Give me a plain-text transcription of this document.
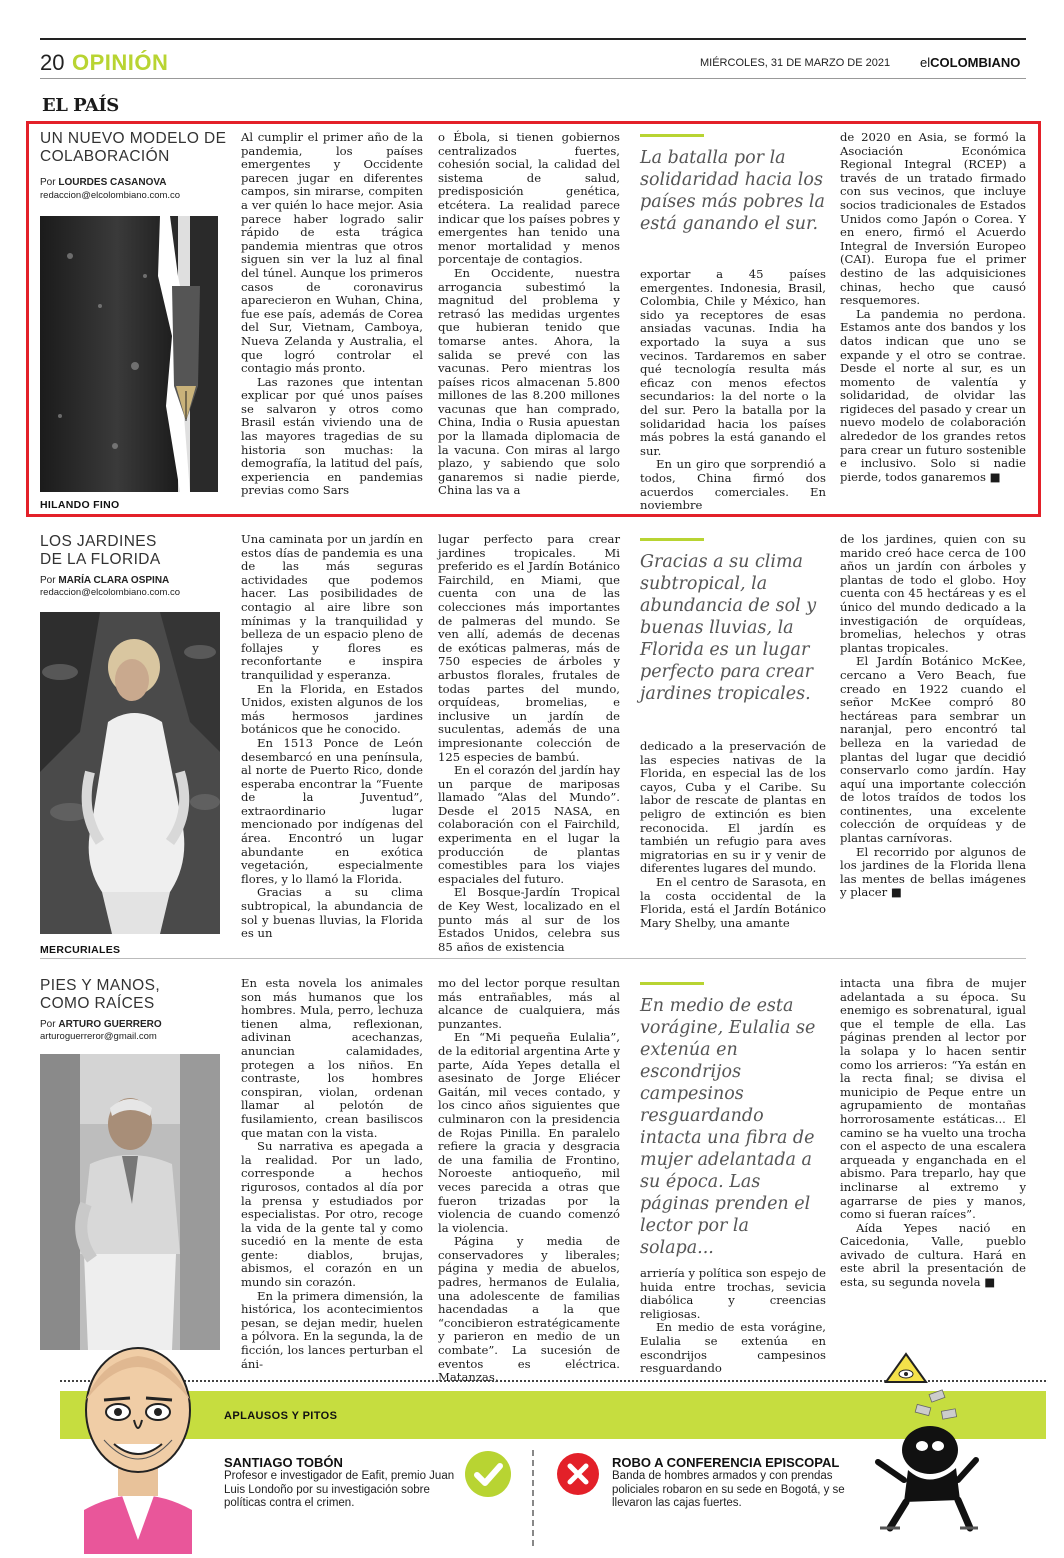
20 OPINIÓN	MIÉRCOLES, 31 DE MARZO DE 2021 elCOLOMBIANO
EL PAÍS
UN NUEVO MODELO DE
COLABORACIÓN
Por LOURDES CASANOVA
redaccion@elcolombiano.com.co
HILANDO FINO

Al cumplir el primer año de la pandemia, los países emergentes y Occidente parecen jugar en diferentes campos, sin mirarse, compiten a ver quién lo hace mejor. Asia parece haber logrado salir rápido de esta trágica pandemia mientras que otros siguen sin ver la luz al final del túnel. Aunque los primeros casos de coronavirus aparecieron en Wuhan, China, fue ese país, además de Corea del Sur, Vietnam, Camboya, Nueva Zelanda y Australia, el que logró controlar el contagio más pronto.

Las razones que intentan explicar por qué unos países se salvaron y otros como Brasil están viviendo una de las mayores tragedias de su historia son muchas: la demografía, la latitud del país, experiencia en pandemias previas como Sars

o Ébola, si tienen gobiernos centralizados fuertes, cohesión social, la calidad del sistema de salud, predisposición genética, etcétera. La realidad parece indicar que los países pobres y emergentes han tenido una menor mortalidad y menos porcentaje de contagios.

En Occidente, nuestra arrogancia subestimó la magnitud del problema y retrasó las medidas urgentes que hubieran tenido que tomarse antes. Ahora, la salida se prevé con las vacunas. Pero mientras los países ricos almacenan 5.800 millones de las 8.200 millones vacunas que han comprado, China, India o Rusia apuestan por la llamada diplomacia de la vacuna. Con miras al largo plazo, y sabiendo que solo ganaremos si nadie pierde, China las va a

La batalla por la solidaridad hacia los países más pobres la está ganando el sur.

exportar a 45 países emergentes. Indonesia, Brasil, Colombia, Chile y México, han sido ya receptores de esas ansiadas vacunas. India ha exportado la suya a sus vecinos. Tardaremos en saber qué tecnología resulta más eficaz con menos efectos secundarios: la del norte o la del sur. Pero la batalla por la solidaridad hacia los países más pobres la está ganando el sur.

En un giro que sorprendió a todos, China firmó dos acuerdos comerciales. En noviembre

de 2020 en Asia, se formó la Asociación Económica Regional Integral (RCEP) a través de un tratado firmado con sus vecinos, que incluye socios tradicionales de Estados Unidos como Japón o Corea. Y en enero, firmó el Acuerdo Integral de Inversión Europeo (CAI). Europa fue el primer destino de las adquisiciones chinas, hecho que causó resquemores.

La pandemia no perdona. Estamos ante dos bandos y los datos indican que uno se expande y el otro se contrae. Desde el norte al sur, es un momento de valentía y solidaridad, de olvidar las rigideces del pasado y crear un nuevo modelo de colaboración alrededor de los grandes retos para crear un futuro sostenible e inclusivo. Solo si nadie pierde, todos ganaremos ■

LOS JARDINES
DE LA FLORIDA
Por MARÍA CLARA OSPINA
redaccion@elcolombiano.com.co
MERCURIALES

Una caminata por un jardín en estos días de pandemia es una de las más seguras actividades que podemos hacer. Las posibilidades de contagio al aire libre son mínimas y la tranquilidad y belleza de un espacio pleno de follajes y flores es reconfortante e inspira tranquilidad y esperanza.

En la Florida, en Estados Unidos, existen algunos de los más hermosos jardines botánicos que he conocido.

En 1513 Ponce de León desembarcó en una península, al norte de Puerto Rico, donde esperaba encontrar la “Fuente de la Juventud”, extraordinario lugar mencionado por indígenas del área. Encontró un lugar abundante en exótica vegetación, especialmente flores, y lo llamó la Florida.

Gracias a su clima subtropical, la abundancia de sol y buenas lluvias, la Florida es un

lugar perfecto para crear jardines tropicales. Mi preferido es el Jardín Botánico Fairchild, en Miami, que cuenta con una de las colecciones más importantes de palmeras del mundo. Se ven allí, además de decenas de exóticas palmeras, más de 750 especies de árboles y arbustos florales, frutales de todas partes del mundo, orquídeas, bromelias, e inclusive un jardín de suculentas, además de una impresionante colección de 125 especies de bambú.

En el corazón del jardín hay un parque de mariposas llamado “Alas del Mundo”. Desde el 2015 NASA, en colaboración con el Fairchild, experimenta en el lugar la producción de plantas comestibles para los viajes espaciales del futuro.

El Bosque-Jardín Tropical de Key West, localizado en el punto más al sur de los Estados Unidos, celebra sus 85 años de existencia

Gracias a su clima subtropical, la abundancia de sol y buenas lluvias, la Florida es un lugar perfecto para crear jardines tropicales.

dedicado a la preservación de las especies nativas de la Florida, en especial las de los cayos, Cuba y el Caribe. Su labor de rescate de plantas en peligro de extinción es bien reconocida. El jardín es también un refugio para aves migratorias en su ir y venir de diferentes lugares del mundo.

En el centro de Sarasota, en la costa occidental de la Florida, está el Jardín Botánico Mary Shelby, una amante

de los jardines, quien con su marido creó hace cerca de 100 años un jardín con árboles y plantas de todo el globo. Hoy cuenta con 45 hectáreas y es el único del mundo dedicado a la investigación de orquídeas, bromelias, helechos y otras plantas tropicales.

El Jardín Botánico McKee, cercano a Vero Beach, fue creado en 1922 cuando el señor McKee compró 80 hectáreas para sembrar un naranjal, pero encontró tal belleza en la variedad de plantas del lugar que decidió conservarlo como jardín. Hay aquí una importante colección de lotos traídos de todos los continentes, una excelente colección de orquídeas y de plantas carnívoras.

El recorrido por algunos de los jardines de la Florida llena las mentes de bellas imágenes y placer ■

PIES Y MANOS,
COMO RAÍCES
Por ARTURO GUERRERO
arturoguerreror@gmail.com

En esta novela los animales son más humanos que los hombres. Mula, perro, lechuza tienen alma, reflexionan, adivinan acechanzas, anuncian calamidades, protegen a los niños. En contraste, los hombres conspiran, violan, ordenan llamar al pelotón de fusilamiento, crean basiliscos que matan con la vista.

Su narrativa es apegada a la realidad. Por un lado, corresponde a hechos rigurosos, contados al día por la prensa y estudiados por especialistas. Por otro, recoge la vida de la gente tal y como sucedió en la mente de esta gente: diablos, brujas, abismos, el corazón en un mundo sin corazón.

En la primera dimensión, la histórica, los acontecimientos pesan, se dejan medir, huelen a pólvora. En la segunda, la de ficción, los lances perturban el áni-

mo del lector porque resultan más entrañables, más al alcance de cualquiera, más punzantes.

En “Mi pequeña Eulalia”, de la editorial argentina Arte y parte, Aída Yepes detalla el asesinato de Jorge Eliécer Gaitán, mil veces contado, y los cinco años siguientes que culminaron con la presidencia de Rojas Pinilla. En paralelo refiere la gracia y desgracia de una familia de Frontino, Noroeste antioqueño, mil veces parecida a otras que fueron trizadas por la violencia de cuando comenzó la violencia.

Página y media de conservadores y liberales; página y media de abuelos, padres, hermanos de Eulalia, una adolescente de familias hacendadas a la que “concibieron estratégicamente y parieron en medio de un combate”. La sucesión de eventos es eléctrica. Matanzas,

En medio de esta vorágine, Eulalia se extenúa en escondrijos campesinos resguardando intacta una fibra de mujer adelantada a su época. Las páginas prenden el lector por la solapa...

arriería y política son espejo de huida entre trochas, sevicia diabólica y creencias religiosas.

En medio de esta vorágine, Eulalia se extenúa en escondrijos campesinos resguardando

intacta una fibra de mujer adelantada a su época. Su enemigo es sobrenatural, igual que el temple de ella. Las páginas prenden al lector por la solapa y lo hacen sentir como los arrieros: “Ya están en la recta final; se divisa el municipio de Peque entre un agrupamiento de montañas horrorosamente estáticas... El camino se ha vuelto una trocha con el aspecto de una escalera arqueada y enganchada en el abismo. Para treparlo, hay que inclinarse al extremo y agarrarse de pies y manos, como si fueran raíces”.

Aída Yepes nació en Caicedonia, Valle, pueblo avivado de cultura. Hará en este abril la presentación de esta, su segunda novela ■

APLAUSOS Y PITOS
SANTIAGO TOBÓN
Profesor e investigador de Eafit, premio Juan Luis Londoño por su investigación sobre políticas contra el crimen.
ROBO A CONFERENCIA EPISCOPAL
Banda de hombres armados y con prendas policiales robaron en su sede en Bogotá, y se llevaron las cajas fuertes.
